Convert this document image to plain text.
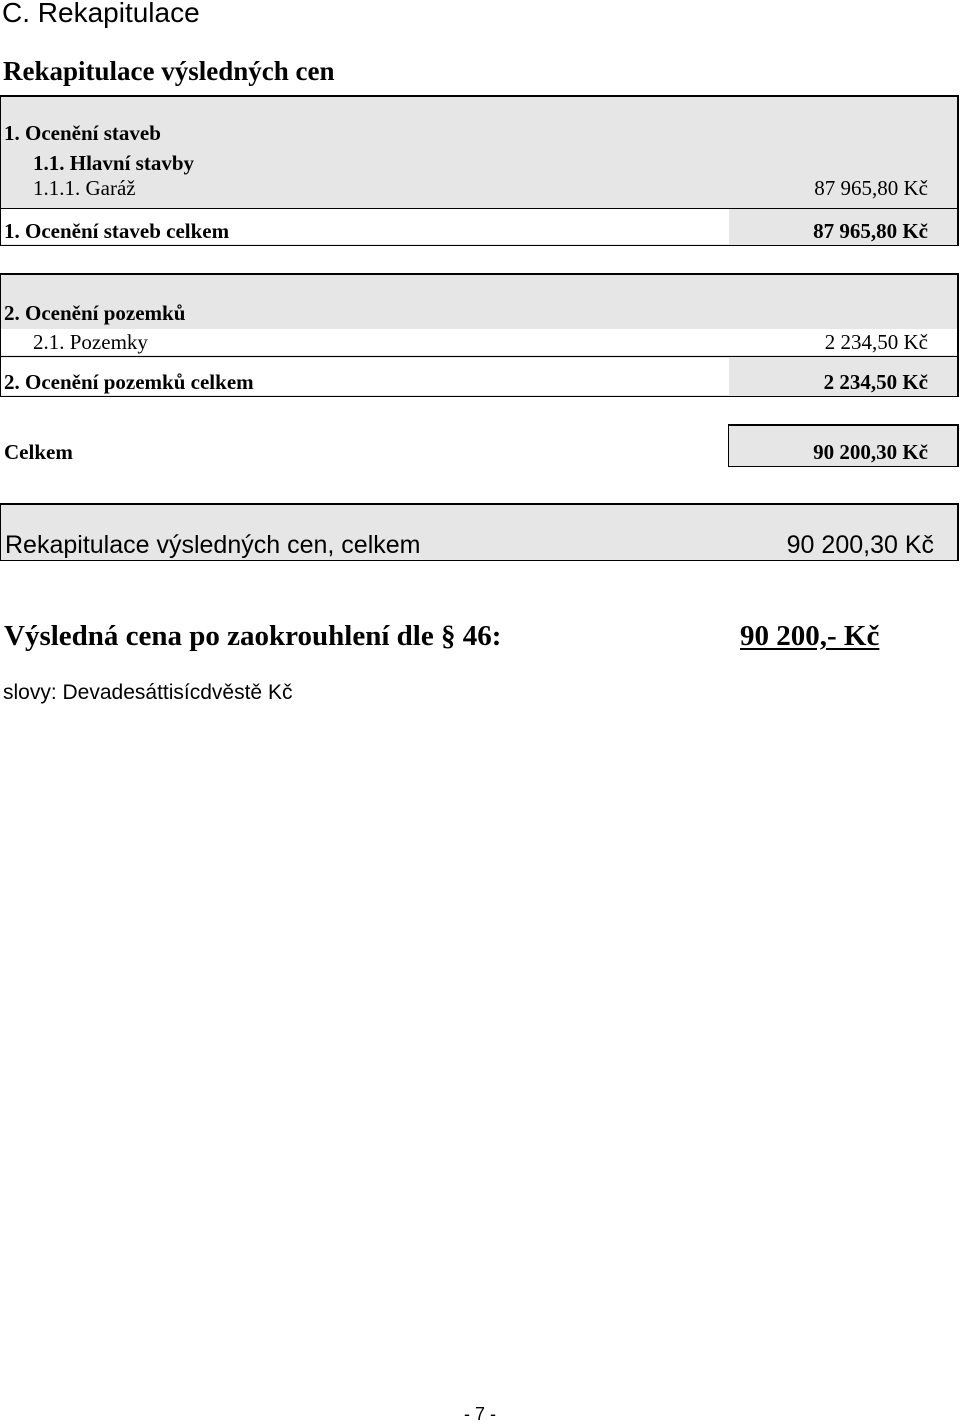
C. Rekapitulace
Rekapitulace výsledných cen
1. Ocenění staveb
1.1. Hlavní stavby
1.1.1. Garáž	87 965,80 Kč
1. Ocenění staveb celkem	87 965,80 Kč
2. Ocenění pozemků
2.1. Pozemky	2 234,50 Kč
2. Ocenění pozemků celkem	2 234,50 Kč
Celkem	90 200,30 Kč
Rekapitulace výsledných cen, celkem	90 200,30 Kč
Výsledná cena po zaokrouhlení dle § 46:	90 200,- Kč
slovy: Devadesáttisícdvěstě Kč
- 7 -
